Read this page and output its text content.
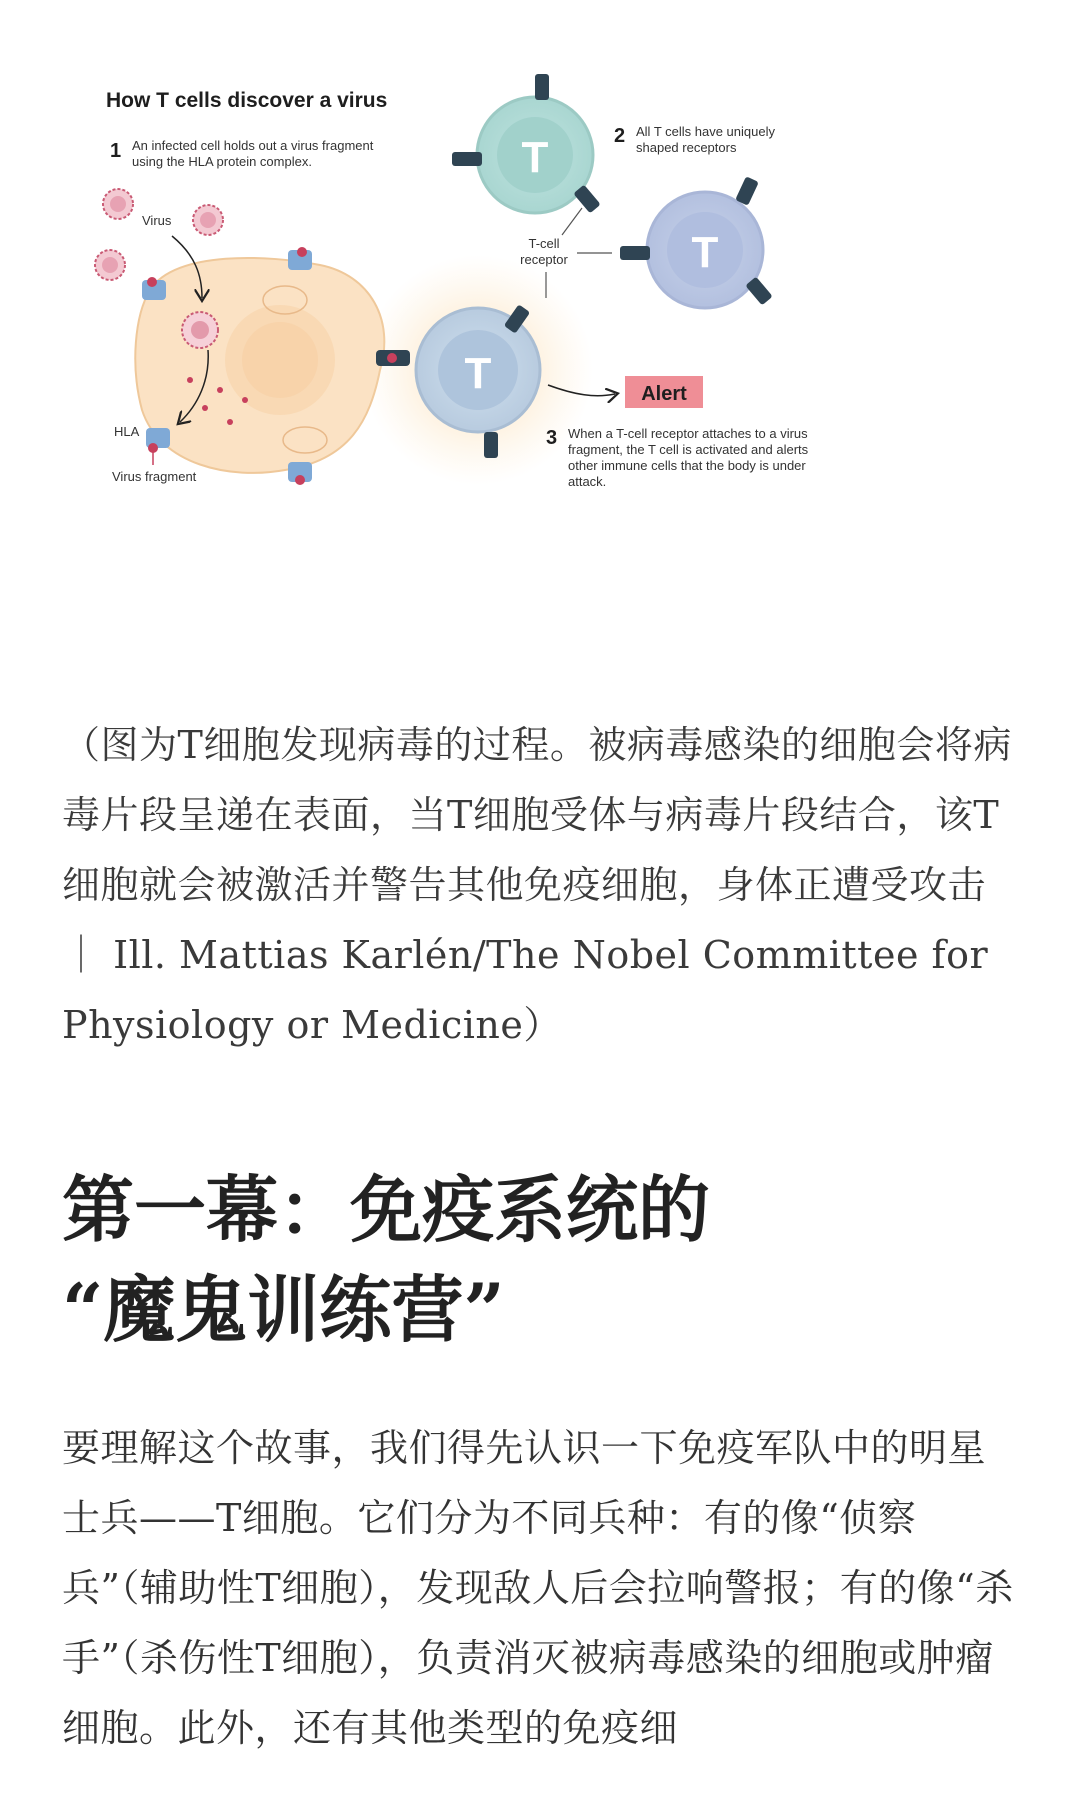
How T cells discover a virus
1 An infected cell holds out a virus fragment
using the HLA protein complex.
Virus
HLA
Virus fragment
T
T
T
2 All T cells have uniquely
shaped receptors
T-cell
receptor
Alert
3 When a T-cell receptor attaches to a virus
fragment, the T cell is activated and alerts
other immune cells that the body is under
attack.

（图为T细胞发现病毒的过程。被病毒感染的细胞会将病毒片段呈递在表面，当T细胞受体与病毒片段结合，该T细胞就会被激活并警告其他免疫细胞，身体正遭受攻击 ｜ Ill. Mattias Karlén/The Nobel Committee for Physiology or Medicine）

第一幕：免疫系统的
“魔鬼训练营”

要理解这个故事，我们得先认识一下免疫军队中的明星士兵——T细胞。它们分为不同兵种：有的像“侦察兵”（辅助性T细胞），发现敌人后会拉响警报；有的像“杀手”（杀伤性T细胞），负责消灭被病毒感染的细胞或肿瘤细胞。此外，还有其他类型的免疫细
